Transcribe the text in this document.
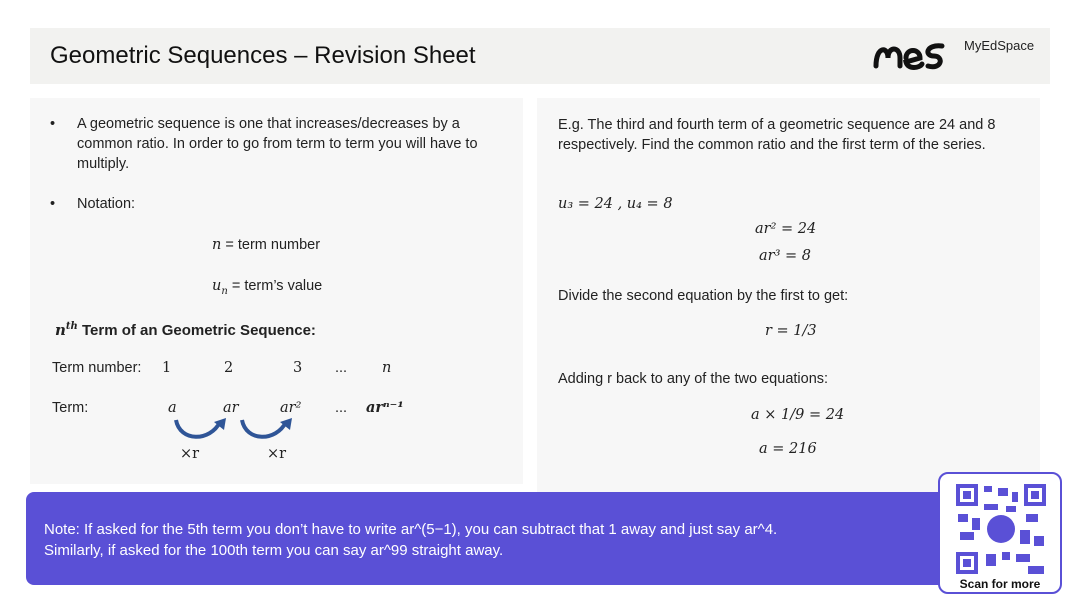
Geometric Sequences – Revision Sheet	MyEdSpace
• A geometric sequence is one that increases/decreases by a common ratio. In order to go from term to term you will have to multiply.
• Notation:
n = term number
$u_n$ = term’s value
$n^{th}$ Term of an Geometric Sequence:
Term number: 1	2	3 ... n
Term:	a	ar	ar² ... arⁿ⁻¹
×r	×r
E.g. The third and fourth term of a geometric sequence are 24 and 8 respectively. Find the common ratio and the first term of the series.
u₃ = 24 , u₄ = 8
ar² = 24
ar³ = 8
Divide the second equation by the first to get:
r = 1/3
Adding r back to any of the two equations:
a × 1/9 = 24
a = 216
Note: If asked for the 5th term you don’t have to write ar^(5−1), you can subtract that 1 away and just say ar^4.
Similarly, if asked for the 100th term you can say ar^99 straight away.
Scan for more
